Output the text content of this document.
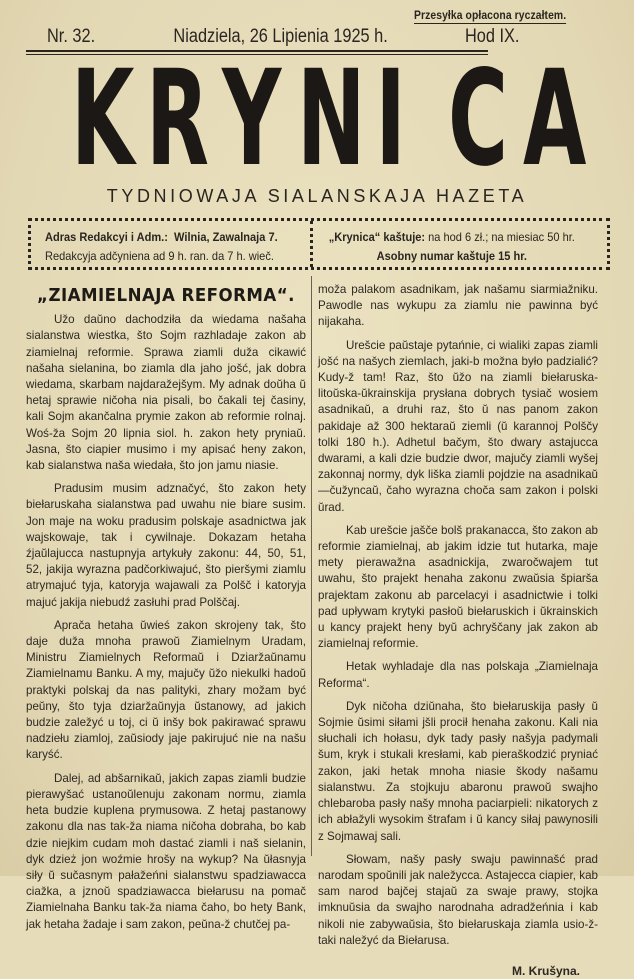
Przesyłka opłacona ryczałtem.
Nr. 32.	Niadziela, 26 Lipienia 1925 h.	Hod IX.
K R Y N I C A
TYDNIOWAJA SIALANSKAJA HAZETA
Adras Redakcyi i Adm.: Wilnia, Zawalnaja 7.
Redakcyja adčyniena ad 9 h. ran. da 7 h. wieč.
„Krynica“ kaštuje: na hod 6 zł.; na miesiac 50 hr.
Asobny numar kaštuje 15 hr.
„ZIAMIELNAJA REFORMA“.

Užo daŭno dachodziła da wiedama našaha sialanstwa wiestka, što Sojm razhladaje zakon ab ziamielnaj reformie. Sprawa ziamli duža cikawić našaha sielanina, bo ziamla dla jaho jošć, jak dobra wiedama, skarbam najdaražejšym. My adnak doŭha ŭ hetaj sprawie ničoha nia pisali, bo čakali tej časiny, kali Sojm akančalna prymie zakon ab reformie rolnaj. Woś-ža Sojm 20 lipnia siol. h. zakon hety pryniaŭ. Jasna, što ciapier musimo i my apisać heny zakon, kab sialanstwa naša wiedała, što jon jamu niasie.

Pradusim musim adznačyć, što zakon hety biełaruskaha sialanstwa pad uwahu nie biare susim. Jon maje na woku pradusim polskaje asadnictwa jak wajskowaje, tak i cywilnaje. Dokazam hetaha źjaŭlajucca nastupnyja artykuły zakonu: 44, 50, 51, 52, jakija wyrazna padčorkiwajuć, što pieršymi ziamlu atrymajuć tyja, katoryja wajawali za Polšč i katoryja majuć jakija niebudź zasłuhi prad Polščaj.

Aprača hetaha ŭwieś zakon skrojeny tak, što daje duža mnoha prawoŭ Ziamielnym Uradam, Ministru Ziamielnych Reformaŭ i Dziaržaŭnamu Ziamielnamu Banku. A my, majučy ŭžo niekulki hadoŭ praktyki polskaj da nas palityki, zhary možam być peŭny, što tyja dziaržaŭnyja ŭstanowy, ad jakich budzie zaležyć u toj, ci ŭ inšy bok pakirawać sprawu nadziełu ziamloj, zaŭsiody jaje pakirujuć nie na našu karyść.

Dalej, ad abšarnikaŭ, jakich zapas ziamli budzie pierawyšać ustanoŭlenuju zakonam normu, ziamla heta budzie kuplena prymusowa. Z hetaj pastanowy zakonu dla nas tak-ža niama ničoha dobraha, bo kab dzie niejkim cudam moh dastać ziamli i naš sielanin, dyk dzież jon woźmie hrošy na wykup? Na ŭłasnyja siły ŭ sučasnym pałažeńni sialanstwu spadziawacca ciažka, a jznoŭ spadziawacca biełarusu na pomač Ziamielnaha Banku tak-ža niama čaho, bo hety Bank, jak hetaha žadaje i sam zakon, peŭna-ž chutčej pa-

moža palakom asadnikam, jak našamu siarmiažniku. Pawodle nas wykupu za ziamlu nie pawinna być nijakaha.

Urešcie paŭstaje pytańnie, ci wialiki zapas ziamli jošć na našych ziemlach, jaki-b možna było padzialić? Kudy-ž tam! Raz, što ŭžo na ziamli biełaruska-litoŭska-ŭkrainskija prysłana dobrych tysiač wosiem asadnikaŭ, a druhi raz, što ŭ nas panom zakon pakidaje až 300 hektaraŭ ziemli (ŭ karannoj Polščy tolki 180 h.). Adhetul bačym, što dwary astajucca dwarami, a kali dzie budzie dwor, majučy ziamli wyšej zakonnaj normy, dyk liška ziamli pojdzie na asadnikaŭ—čužyncaŭ, čaho wyrazna choča sam zakon i polski ŭrad.

Kab urešcie jašče bolš prakanacca, što zakon ab reformie ziamielnaj, ab jakim idzie tut hutarka, maje mety pierawažna asadnickija, zwaročwajem tut uwahu, što prajekt henaha zakonu zwaŭsia špiarša prajektam zakonu ab parcelacyi i asadnictwie i tolki pad upływam krytyki pasłoŭ biełaruskich i ŭkrainskich u kancy prajekt heny byŭ achryščany jak zakon ab ziamielnaj reformie.

Hetak wyhladaje dla nas polskaja „Ziamielnaja Reforma“.

Dyk ničoha dziŭnaha, što biełaruskija pasły ŭ Sojmie ŭsimi siłami jšli procił henaha zakonu. Kali nia słuchali ich hołasu, dyk tady pasły našyja padymali šum, kryk i stukali kresłami, kab pieraškodzić pryniać zakon, jaki hetak mnoha niasie škody našamu sialanstwu. Za stojkuju abaronu prawoŭ swajho chlebaroba pasły našy mnoha paciarpieli: nikatorych z ich abłažyli wysokim štrafam i ŭ kancy siłaj pawynosili z Sojmawaj sali.

Słowam, našy pasły swaju pawinnašć prad narodam spoŭnili jak naležycca. Astajecca ciapier, kab sam narod bajčej stajaŭ za swaje prawy, stojka imknuŭsia da swajho narodnaha adradžeńnia i kab nikoli nie zabywaŭsia, što biełaruskaja ziamla usio-ž-taki naležyć da Biełarusa.

M. Krušyna.
